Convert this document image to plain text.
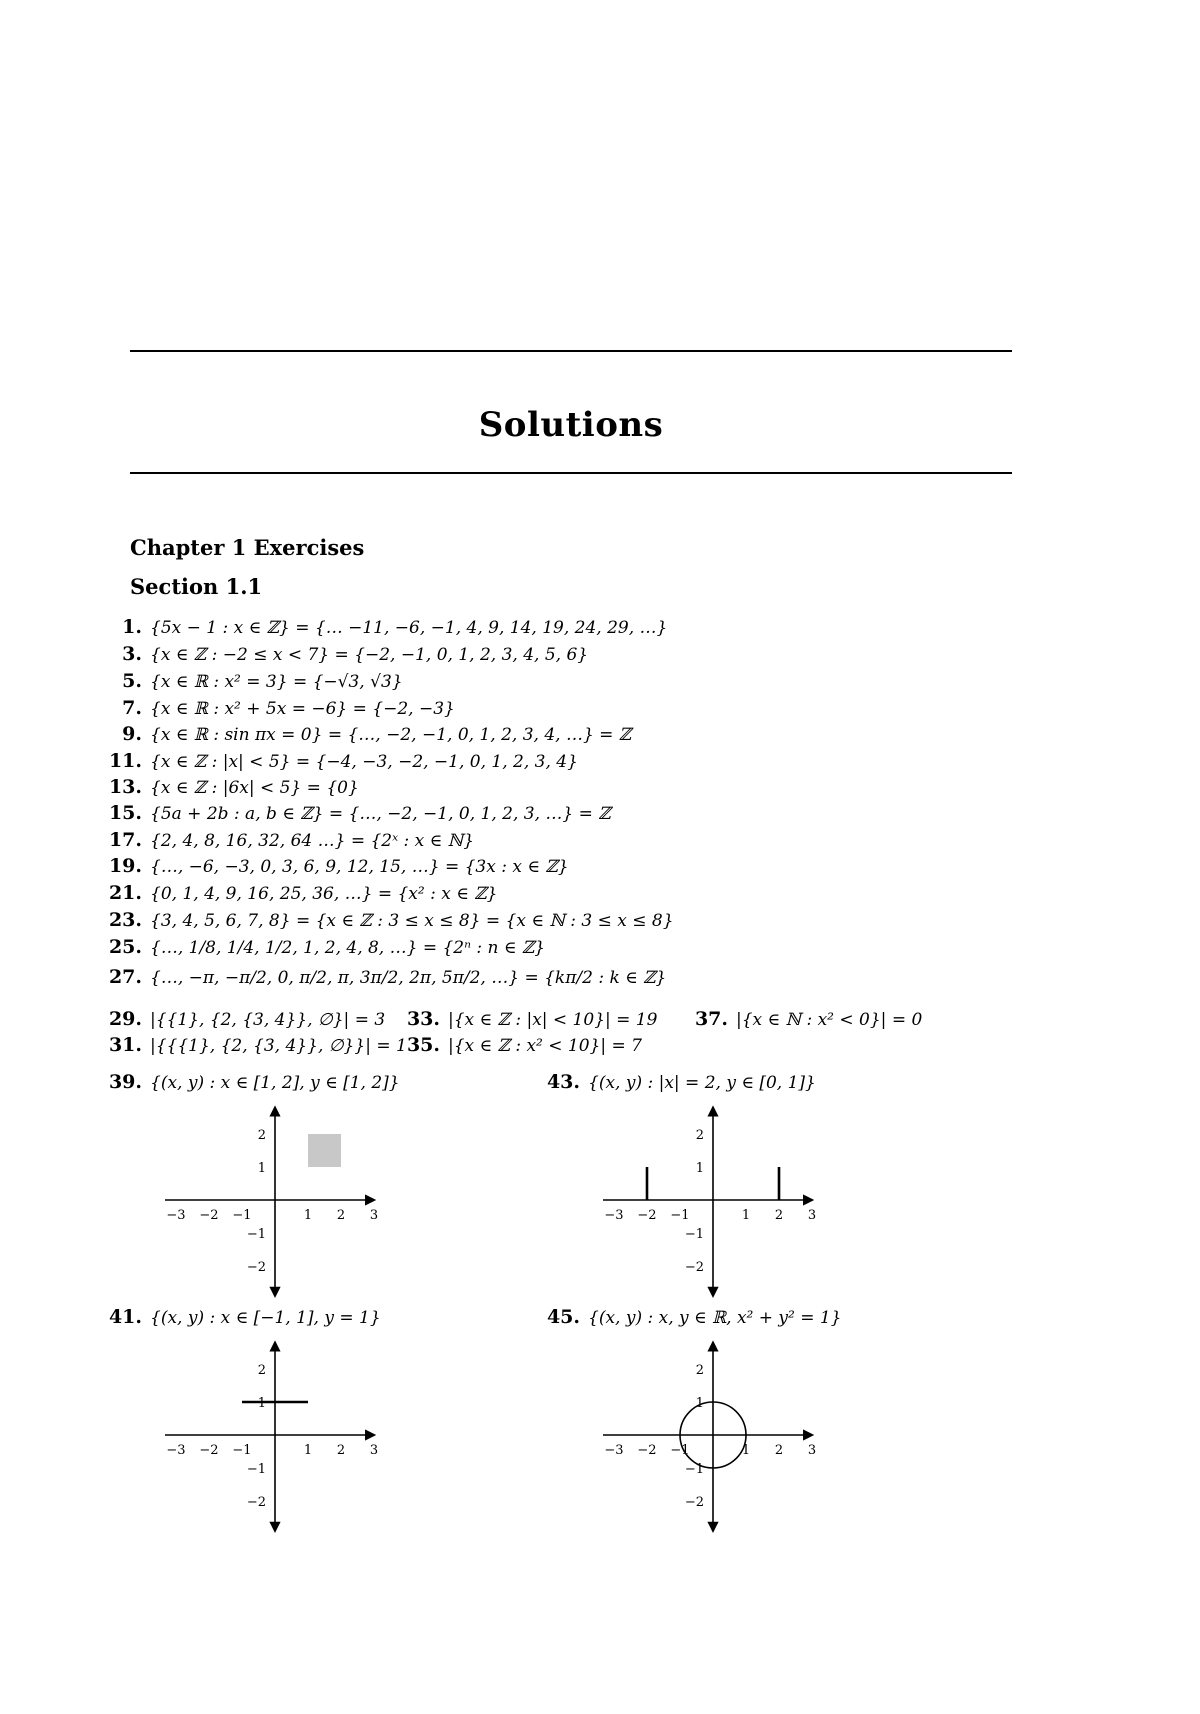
Solutions
Chapter 1 Exercises
Section 1.1
1. {5x − 1 : x ∈ ℤ} = {… −11, −6, −1, 4, 9, 14, 19, 24, 29, …}
3. {x ∈ ℤ : −2 ≤ x < 7} = {−2, −1, 0, 1, 2, 3, 4, 5, 6}
5. {x ∈ ℝ : x² = 3} = {−√3, √3}
7. {x ∈ ℝ : x² + 5x = −6} = {−2, −3}
9. {x ∈ ℝ : sin πx = 0} = {…, −2, −1, 0, 1, 2, 3, 4, …} = ℤ
11. {x ∈ ℤ : |x| < 5} = {−4, −3, −2, −1, 0, 1, 2, 3, 4}
13. {x ∈ ℤ : |6x| < 5} = {0}
15. {5a + 2b : a, b ∈ ℤ} = {…, −2, −1, 0, 1, 2, 3, …} = ℤ
17. {2, 4, 8, 16, 32, 64 …} = {2ˣ : x ∈ ℕ}
19. {…, −6, −3, 0, 3, 6, 9, 12, 15, …} = {3x : x ∈ ℤ}
21. {0, 1, 4, 9, 16, 25, 36, …} = {x² : x ∈ ℤ}
23. {3, 4, 5, 6, 7, 8} = {x ∈ ℤ : 3 ≤ x ≤ 8} = {x ∈ ℕ : 3 ≤ x ≤ 8}
25. {…, 1/8, 1/4, 1/2, 1, 2, 4, 8, …} = {2ⁿ : n ∈ ℤ}
27. {…, −π, −π/2, 0, π/2, π, 3π/2, 2π, 5π/2, …} = {kπ/2 : k ∈ ℤ}
29. |{{1}, {2, {3, 4}}, ∅}| = 3
31. |{{{1}, {2, {3, 4}}, ∅}}| = 1
33. |{x ∈ ℤ : |x| < 10}| = 19
35. |{x ∈ ℤ : x² < 10}| = 7
37. |{x ∈ ℕ : x² < 0}| = 0
39. {(x, y) : x ∈ [1, 2], y ∈ [1, 2]}	43. {(x, y) : |x| = 2, y ∈ [0, 1]}
41. {(x, y) : x ∈ [−1, 1], y = 1}	45. {(x, y) : x, y ∈ ℝ, x² + y² = 1}
−3 −2 −1	1 2 3
2
1
−1
−2
−3 −2 −1	1 2 3
2
1
−1
−2
−3 −2 −1	1 2 3
2
1
−1
−2
−3 −2 −1	1 2 3
2
1
−1
−2
